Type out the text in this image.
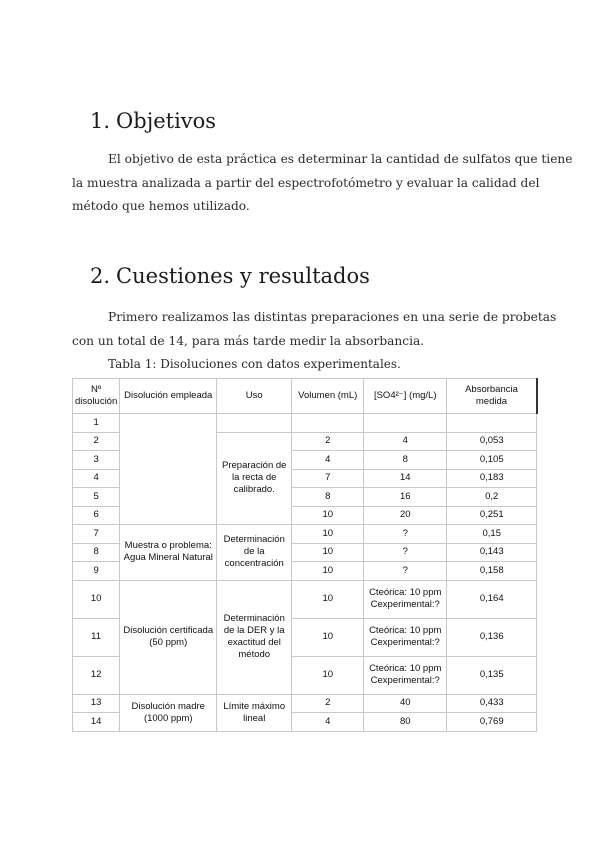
1. Objetivos

El objetivo de esta práctica es determinar la cantidad de sulfatos que tiene
la muestra analizada a partir del espectrofotómetro y evaluar la calidad del
método que hemos utilizado.

2. Cuestiones y resultados

Primero realizamos las distintas preparaciones en una serie de probetas
con un total de 14, para más tarde medir la absorbancia.

Tabla 1: Disoluciones con datos experimentales.

Nº disolución	Disolución empleada	Uso	Volumen (mL)	[SO4²⁻] (mg/L)	Absorbancia medida
1					
2		Preparación de la recta de calibrado.	2	4	0,053
3			4	8	0,105
4			7	14	0,183
5			8	16	0,2
6			10	20	0,251
7	Muestra o problema: Agua Mineral Natural	Determinación de la concentración	10	?	0,15
8			10	?	0,143
9			10	?	0,158
10	Disolución certificada (50 ppm)	Determinación de la DER y la exactitud del método	10	Cteórica: 10 ppm Cexperimental:?	0,164
11			10	Cteórica: 10 ppm Cexperimental:?	0,136
12			10	Cteórica: 10 ppm Cexperimental:?	0,135
13	Disolución madre (1000 ppm)	Límite máximo lineal	2	40	0,433
14			4	80	0,769
